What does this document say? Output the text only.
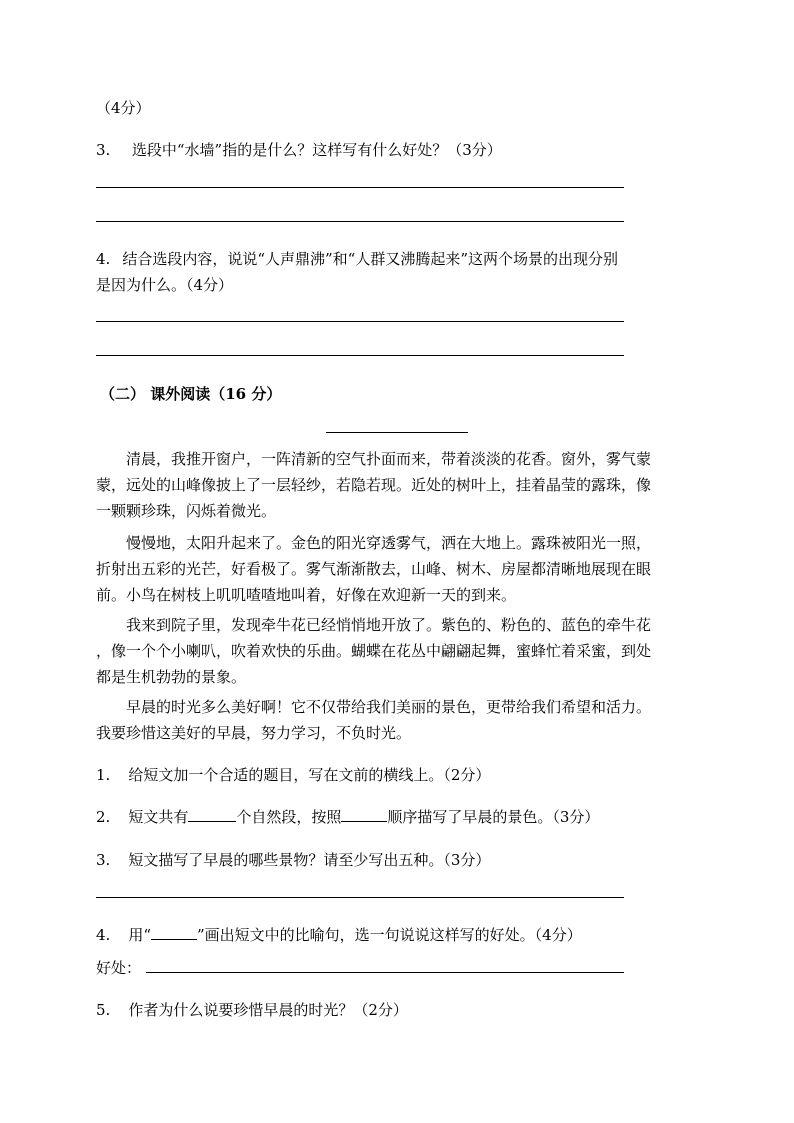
（4分）
3. 选段中“水墙”指的是什么？这样写有什么好处？（3分）
4. 结合选段内容，说说“人声鼎沸”和“人群又沸腾起来”这两个场景的出现分别
是因为什么。（4分）
（二） 课外阅读（16 分）
清晨，我推开窗户，一阵清新的空气扑面而来，带着淡淡的花香。窗外，雾气蒙
蒙，远处的山峰像披上了一层轻纱，若隐若现。近处的树叶上，挂着晶莹的露珠，像
一颗颗珍珠，闪烁着微光。
慢慢地，太阳升起来了。金色的阳光穿透雾气，洒在大地上。露珠被阳光一照，
折射出五彩的光芒，好看极了。雾气渐渐散去，山峰、树木、房屋都清晰地展现在眼
前。小鸟在树枝上叽叽喳喳地叫着，好像在欢迎新一天的到来。
我来到院子里，发现牵牛花已经悄悄地开放了。紫色的、粉色的、蓝色的牵牛花
，像一个个小喇叭，吹着欢快的乐曲。蝴蝶在花丛中翩翩起舞，蜜蜂忙着采蜜，到处
都是生机勃勃的景象。
早晨的时光多么美好啊！它不仅带给我们美丽的景色，更带给我们希望和活力。
我要珍惜这美好的早晨，努力学习，不负时光。
1. 给短文加一个合适的题目，写在文前的横线上。（2分）
2. 短文共有	个自然段，按照	顺序描写了早晨的景色。（3分）
3. 短文描写了早晨的哪些景物？请至少写出五种。（3分）
4. 用“	”画出短文中的比喻句，选一句说说这样写的好处。（4分）
好处：
5. 作者为什么说要珍惜早晨的时光？（2分）
